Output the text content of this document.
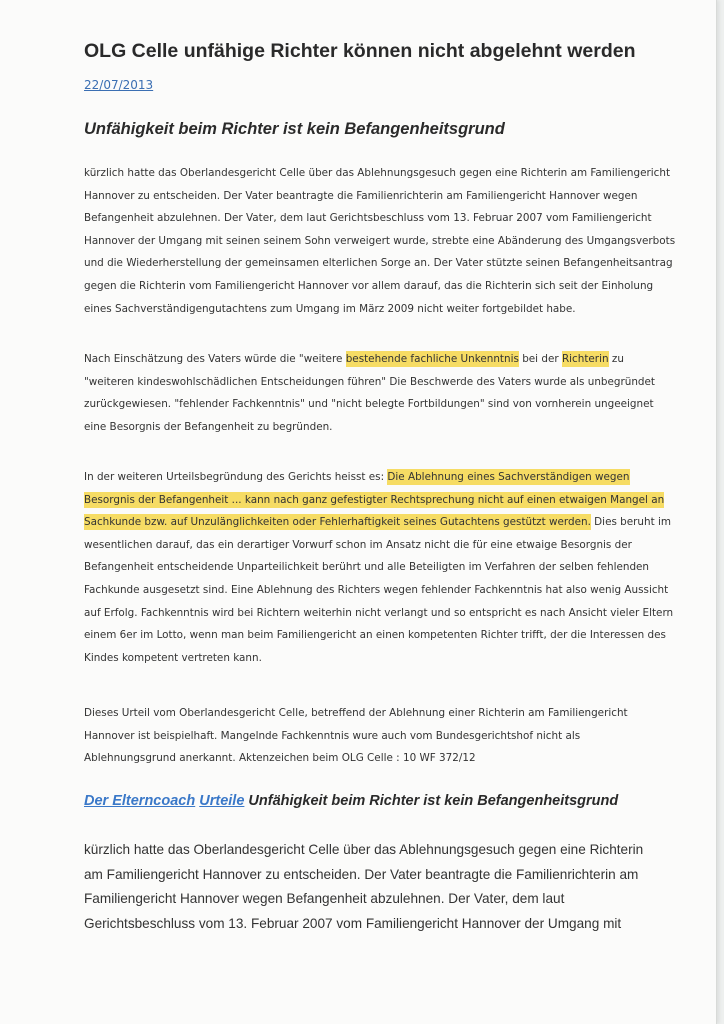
OLG Celle unfähige Richter können nicht abgelehnt werden
22/07/2013
Unfähigkeit beim Richter ist kein Befangenheitsgrund

kürzlich hatte das Oberlandesgericht Celle über das Ablehnungsgesuch gegen eine Richterin am Familiengericht
Hannover zu entscheiden. Der Vater beantragte die Familienrichterin am Familiengericht Hannover wegen
Befangenheit abzulehnen. Der Vater, dem laut Gerichtsbeschluss vom 13. Februar 2007 vom Familiengericht
Hannover der Umgang mit seinen seinem Sohn verweigert wurde, strebte eine Abänderung des Umgangsverbots
und die Wiederherstellung der gemeinsamen elterlichen Sorge an. Der Vater stützte seinen Befangenheitsantrag
gegen die Richterin vom Familiengericht Hannover vor allem darauf, das die Richterin sich seit der Einholung
eines Sachverständigengutachtens zum Umgang im März 2009 nicht weiter fortgebildet habe.

Nach Einschätzung des Vaters würde die "weitere bestehende fachliche Unkenntnis bei der Richterin zu
"weiteren kindeswohlschädlichen Entscheidungen führen" Die Beschwerde des Vaters wurde als unbegründet
zurückgewiesen. "fehlender Fachkenntnis" und "nicht belegte Fortbildungen" sind von vornherein ungeeignet
eine Besorgnis der Befangenheit zu begründen.

In der weiteren Urteilsbegründung des Gerichts heisst es: Die Ablehnung eines Sachverständigen wegen
Besorgnis der Befangenheit ... kann nach ganz gefestigter Rechtsprechung nicht auf einen etwaigen Mangel an
Sachkunde bzw. auf Unzulänglichkeiten oder Fehlerhaftigkeit seines Gutachtens gestützt werden. Dies beruht im
wesentlichen darauf, das ein derartiger Vorwurf schon im Ansatz nicht die für eine etwaige Besorgnis der
Befangenheit entscheidende Unparteilichkeit berührt und alle Beteiligten im Verfahren der selben fehlenden
Fachkunde ausgesetzt sind. Eine Ablehnung des Richters wegen fehlender Fachkenntnis hat also wenig Aussicht
auf Erfolg. Fachkenntnis wird bei Richtern weiterhin nicht verlangt und so entspricht es nach Ansicht vieler Eltern
einem 6er im Lotto, wenn man beim Familiengericht an einen kompetenten Richter trifft, der die Interessen des
Kindes kompetent vertreten kann.

Dieses Urteil vom Oberlandesgericht Celle, betreffend der Ablehnung einer Richterin am Familiengericht
Hannover ist beispielhaft. Mangelnde Fachkenntnis wure auch vom Bundesgerichtshof nicht als
Ablehnungsgrund anerkannt. Aktenzeichen beim OLG Celle : 10 WF 372/12

Der Elterncoach Urteile Unfähigkeit beim Richter ist kein Befangenheitsgrund

kürzlich hatte das Oberlandesgericht Celle über das Ablehnungsgesuch gegen eine Richterin
am Familiengericht Hannover zu entscheiden. Der Vater beantragte die Familienrichterin am
Familiengericht Hannover wegen Befangenheit abzulehnen. Der Vater, dem laut
Gerichtsbeschluss vom 13. Februar 2007 vom Familiengericht Hannover der Umgang mit
